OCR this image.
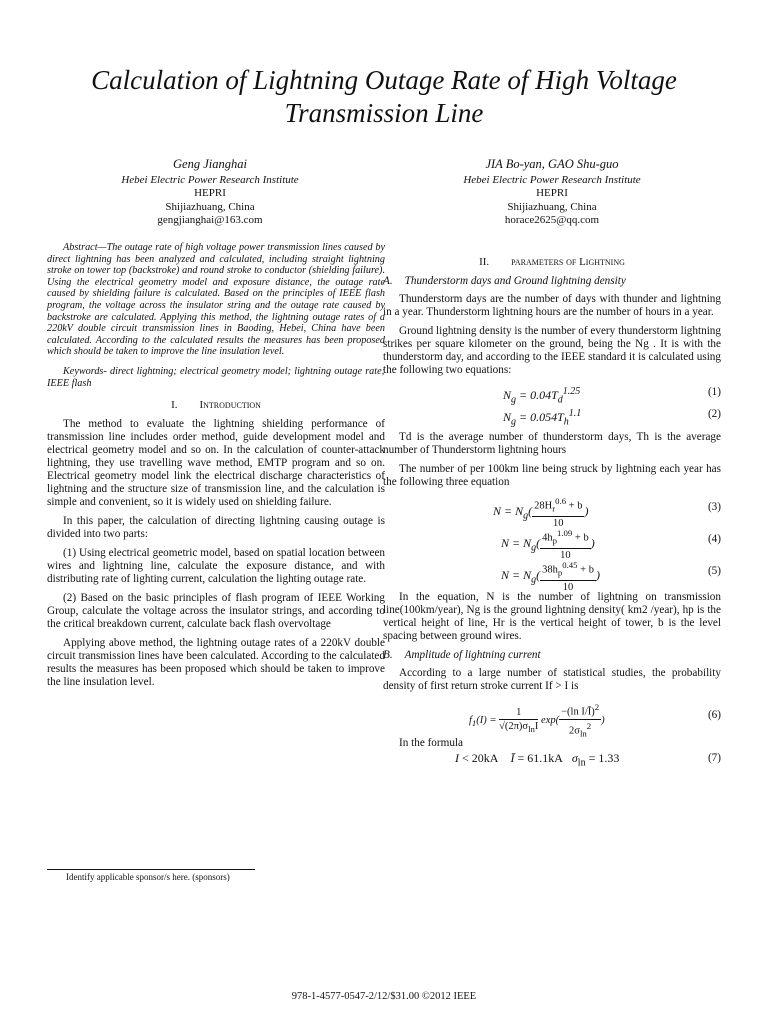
Calculation of Lightning Outage Rate of High Voltage Transmission Line
Geng Jianghai
Hebei Electric Power Research Institute
HEPRI
Shijiazhuang, China
gengjianghai@163.com
JIA Bo-yan, GAO Shu-guo
Hebei Electric Power Research Institute
HEPRI
Shijiazhuang, China
horace2625@qq.com

Abstract—The outage rate of high voltage power transmission lines caused by direct lightning has been analyzed and calculated, including straight lightning stroke on tower top (backstroke) and round stroke to conductor (shielding failure). Using the electrical geometry model and exposure distance, the outage rate caused by shielding failure is calculated. Based on the principles of IEEE flash program, the voltage across the insulator string and the outage rate caused by backstroke are calculated. Applying this method, the lightning outage rates of a 220kV double circuit transmission lines in Baoding, Hebei, China have been calculated. According to the calculated results the measures has been proposed which should be taken to improve the line insulation level.

Keywords- direct lightning; electrical geometry model; lightning outage rate; IEEE flash

I. Introduction

The method to evaluate the lightning shielding performance of transmission line includes order method, guide development model and electrical geometry model and so on. In the calculation of counter-attack lightning, they use travelling wave method, EMTP program and so on. Electrical geometry model link the electrical discharge characteristics of lightning and the structure size of transmission line, and the calculation is simple and convenient, so it is widely used on shielding failure.

In this paper, the calculation of directing lightning causing outage is divided into two parts:

(1) Using electrical geometric model, based on spatial location between wires and lightning line, calculate the exposure distance, and with distributing rate of lighting current, calculation the lighting outage rate.

(2) Based on the basic principles of flash program of IEEE Working Group, calculate the voltage across the insulator strings, and according to the critical breakdown current, calculate back flash overvoltage

Applying above method, the lightning outage rates of a 220kV double circuit transmission lines have been calculated. According to the calculated results the measures has been proposed which should be taken to improve the line insulation level.

II. parameters of Lightning
A. Thunderstorm days and Ground lightning density

Thunderstorm days are the number of days with thunder and lightning in a year. Thunderstorm lightning hours are the number of hours in a year.

Ground lightning density is the number of every thunderstorm lightning strikes per square kilometer on the ground, being the Ng . It is with the thunderstorm day, and according to the IEEE standard it is calculated using the following two equations:

$N_g = 0.04T_d^{1.25}$	(1)
$N_g = 0.054T_h^{1.1}$	(2)

Td is the average number of thunderstorm days, Th is the average number of Thunderstorm lightning hours

The number of per 100km line being struck by lightning each year has the following three equation

$N = N_g( \frac{28H_r^{0.6} + b}{10}$ )	(3)
$N = N_g( \frac{4h_p^{1.09} + b}{10}$ )	(4)
$N = N_g( \frac{38h_p^{0.45} + b}{10}$ )	(5)

In the equation, N is the number of lightning on transmission line(100km/year), Ng is the ground lightning density( km2 /year), hp is the vertical height of line, Hr is the vertical height of tower, b is the level spacing between ground wires.

B. Amplitude of lightning current

According to a large number of statistical studies, the probability density of first return stroke current If > I is

$f_1(I) = \frac{1}{√(2\pi)\sigma_{ln}I} \exp( \frac{-(\ln I/Ī)^2}{2\sigma_{ln}^2}$ )	(6)

In the formula

I < 20kA    Ī = 61.1kA   $\sigma_{ln} = 1.33$	(7)
Identify applicable sponsor/s here. (sponsors)
978-1-4577-0547-2/12/$31.00 ©2012 IEEE
